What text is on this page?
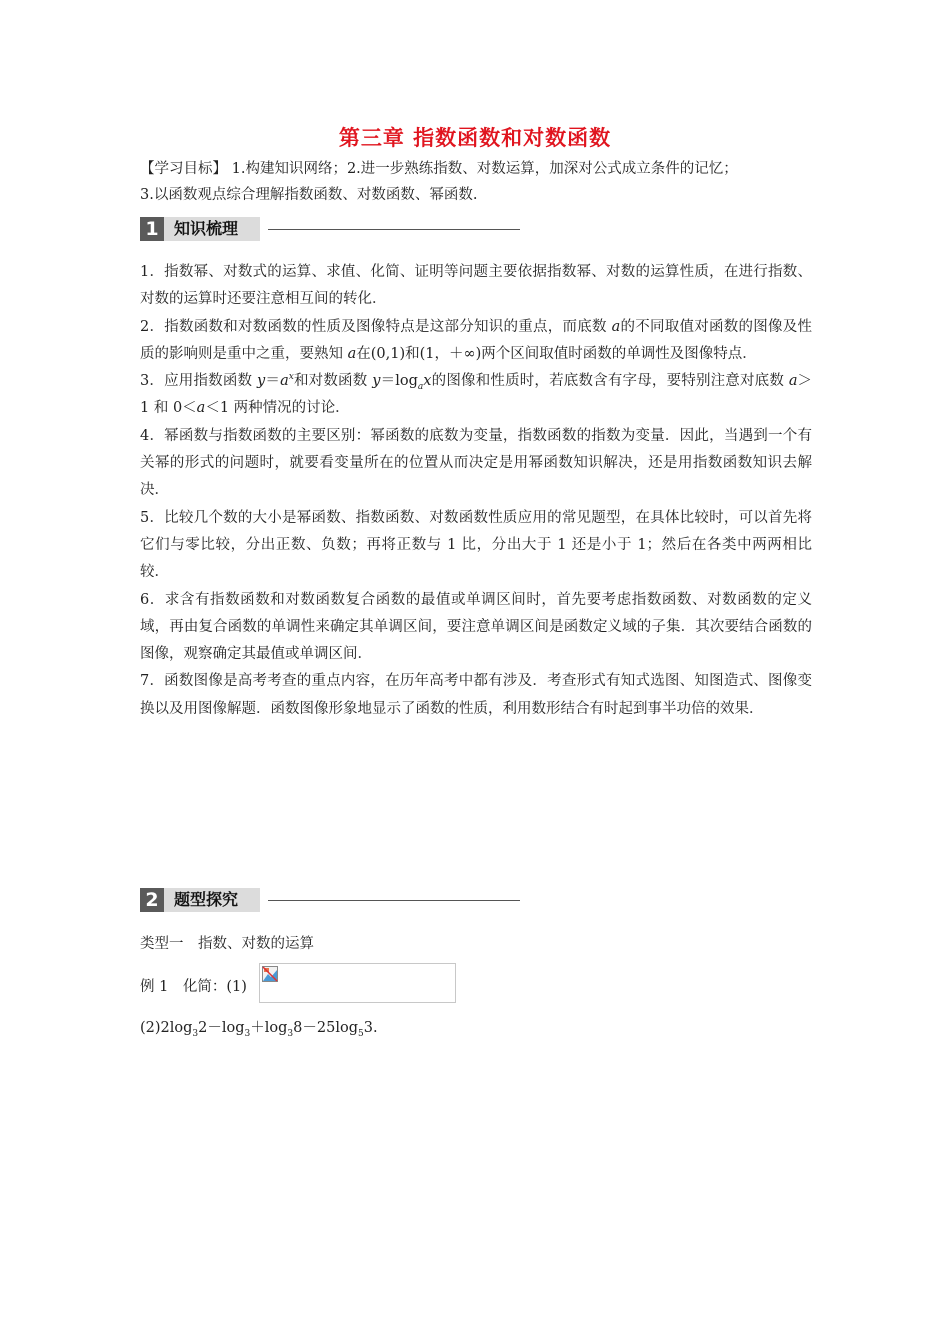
第三章 指数函数和对数函数
【学习目标】 1.构建知识网络；2.进一步熟练指数、对数运算，加深对公式成立条件的记忆；
3.以函数观点综合理解指数函数、对数函数、幂函数.
1 知识梳理

1．指数幂、对数式的运算、求值、化简、证明等问题主要依据指数幂、对数的运算性质，在进行指数、对数的运算时还要注意相互间的转化．

2．指数函数和对数函数的性质及图像特点是这部分知识的重点，而底数 a的不同取值对函数的图像及性质的影响则是重中之重，要熟知 a在(0,1)和(1，＋∞)两个区间取值时函数的单调性及图像特点．

3．应用指数函数 $y=a^x$和对数函数 $y=\log_ax$的图像和性质时，若底数含有字母，要特别注意对底数 a＞1 和 0＜a＜1 两种情况的讨论．

4．幂函数与指数函数的主要区别：幂函数的底数为变量，指数函数的指数为变量．因此，当遇到一个有关幂的形式的问题时，就要看变量所在的位置从而决定是用幂函数知识解决，还是用指数函数知识去解决．

5．比较几个数的大小是幂函数、指数函数、对数函数性质应用的常见题型，在具体比较时，可以首先将它们与零比较，分出正数、负数；再将正数与 1 比，分出大于 1 还是小于 1；然后在各类中两两相比较．

6．求含有指数函数和对数函数复合函数的最值或单调区间时，首先要考虑指数函数、对数函数的定义域，再由复合函数的单调性来确定其单调区间，要注意单调区间是函数定义域的子集．其次要结合函数的图像，观察确定其最值或单调区间．

7．函数图像是高考考查的重点内容，在历年高考中都有涉及．考查形式有知式选图、知图造式、图像变换以及用图像解题．函数图像形象地显示了函数的性质，利用数形结合有时起到事半功倍的效果．

2 题型探究
类型一　指数、对数的运算
例 1　化简：(1)
$(2)2\log_32-\log_3+\log_38-25\log_53$.
